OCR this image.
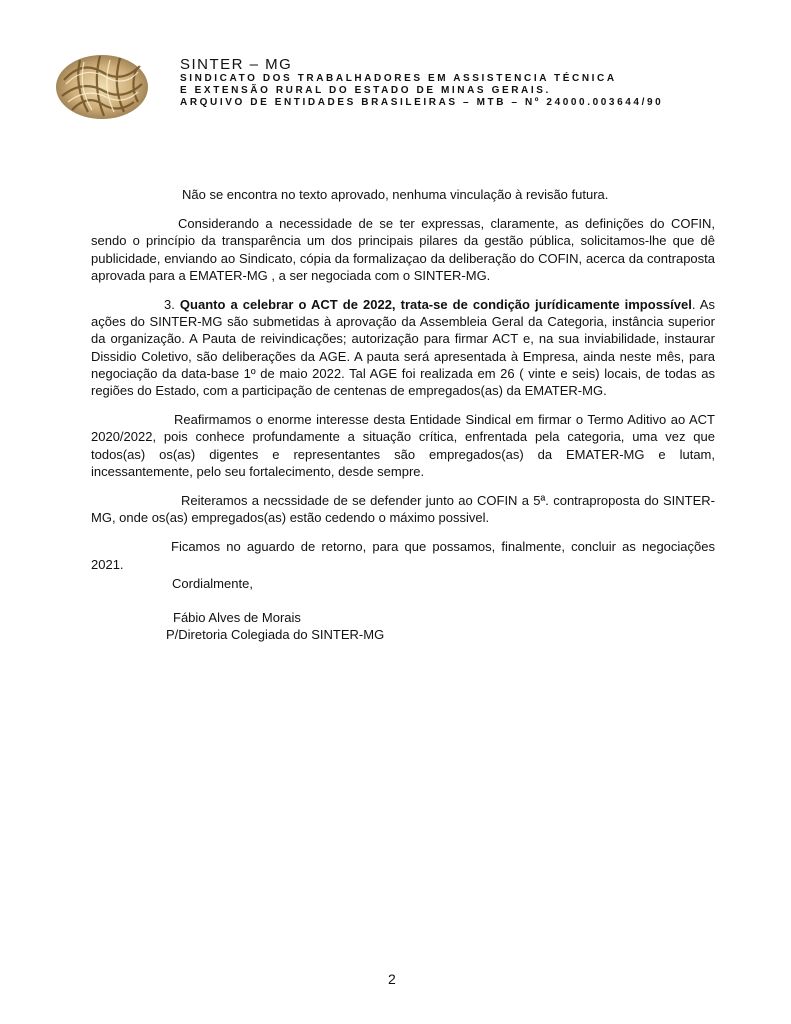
SINTER – MG
SINDICATO DOS TRABALHADORES EM ASSISTENCIA TÉCNICA
E EXTENSÃO RURAL DO ESTADO DE MINAS GERAIS.
ARQUIVO DE ENTIDADES BRASILEIRAS – MTB – Nº 24000.003644/90

Não se encontra no texto aprovado, nenhuma vinculação à revisão futura.

Considerando a necessidade de se ter expressas, claramente, as definições do COFIN, sendo o princípio da transparência um dos principais pilares da gestão pública, solicitamos-lhe que dê publicidade, enviando ao Sindicato, cópia da formalizaçao da deliberação do COFIN, acerca da contraposta aprovada para a EMATER-MG , a ser negociada com o SINTER-MG.

3. Quanto a celebrar o ACT de 2022, trata-se de condição jurídicamente impossível. As ações do SINTER-MG são submetidas à aprovação da Assembleia Geral da Categoria, instância superior da organização. A Pauta de reivindicações; autorização para firmar ACT e, na sua inviabilidade, instaurar Dissidio Coletivo, são deliberações da AGE. A pauta será apresentada à Empresa, ainda neste mês, para negociação da data-base 1º de maio 2022. Tal AGE foi realizada em 26 ( vinte e seis) locais, de todas as regiões do Estado, com a participação de centenas de empregados(as) da EMATER-MG.

Reafirmamos o enorme interesse desta Entidade Sindical em firmar o Termo Aditivo ao ACT 2020/2022, pois conhece profundamente a situação crítica, enfrentada pela categoria, uma vez que todos(as) os(as) digentes e representantes são empregados(as) da EMATER-MG e lutam, incessantemente, pelo seu fortalecimento, desde sempre.

Reiteramos a necssidade de se defender junto ao COFIN a 5ª. contraproposta do SINTER-MG, onde os(as) empregados(as) estão cedendo o máximo possivel.

Ficamos no aguardo de retorno, para que possamos, finalmente, concluir as negociações 2021.

Cordialmente,
Fábio Alves de Morais
P/Diretoria Colegiada do SINTER-MG
2
